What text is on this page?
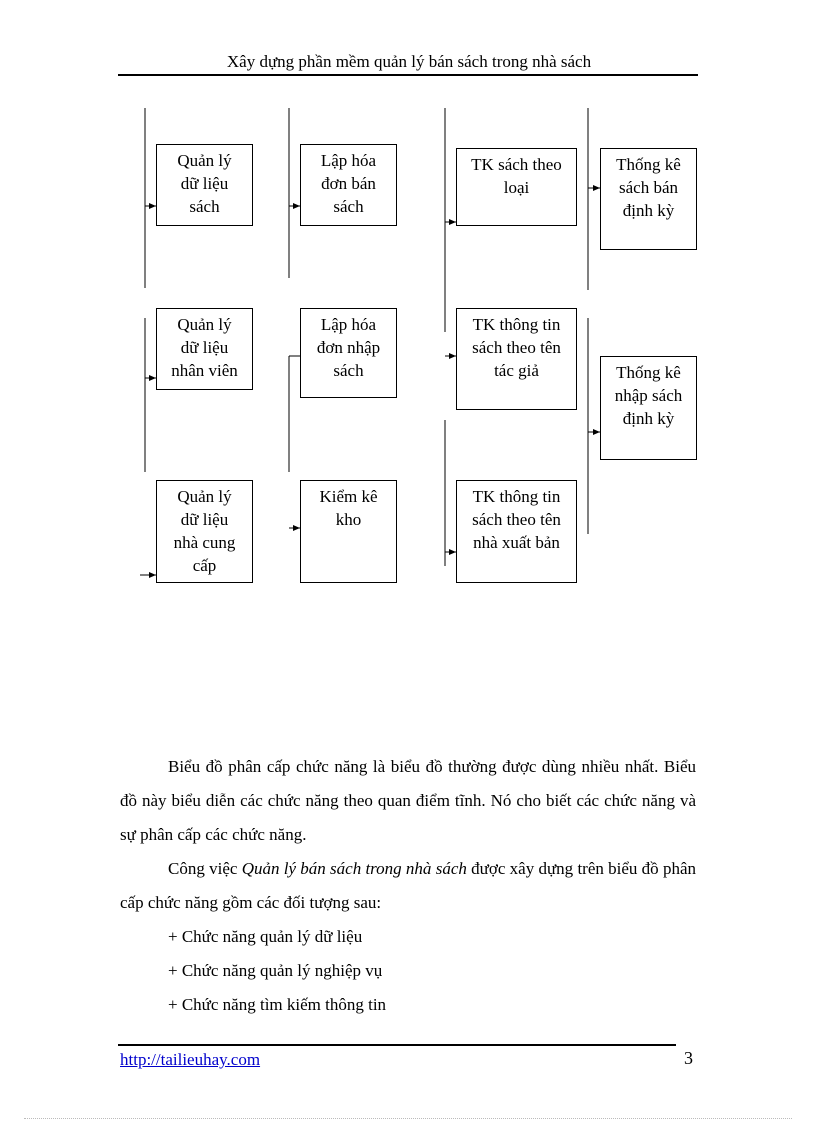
Xây dựng phần mềm quản lý bán sách trong nhà sách
Quản lý
dữ liệu
sách
Quản lý
dữ liệu
nhân viên
Quản lý
dữ liệu
nhà cung
cấp
Lập hóa
đơn bán
sách
Lập hóa
đơn nhập
sách
Kiểm kê
kho
TK sách theo
loại
TK thông tin
sách theo tên
tác giả
TK thông tin
sách theo tên
nhà xuất bản
Thống kê
sách bán
định kỳ
Thống kê
nhập sách
định kỳ
Biểu đồ phân cấp chức năng là biểu đồ thường được dùng nhiều nhất. Biểu đồ này biểu diễn các chức năng theo quan điểm tĩnh. Nó cho biết các chức năng và sự phân cấp các chức năng.
Công việc Quản lý bán sách trong nhà sách được xây dựng trên biểu đồ phân cấp chức năng gồm các đối tượng sau:
+ Chức năng quản lý dữ liệu
+ Chức năng quản lý nghiệp vụ
+ Chức năng tìm kiếm thông tin
http://tailieuhay.com	3
